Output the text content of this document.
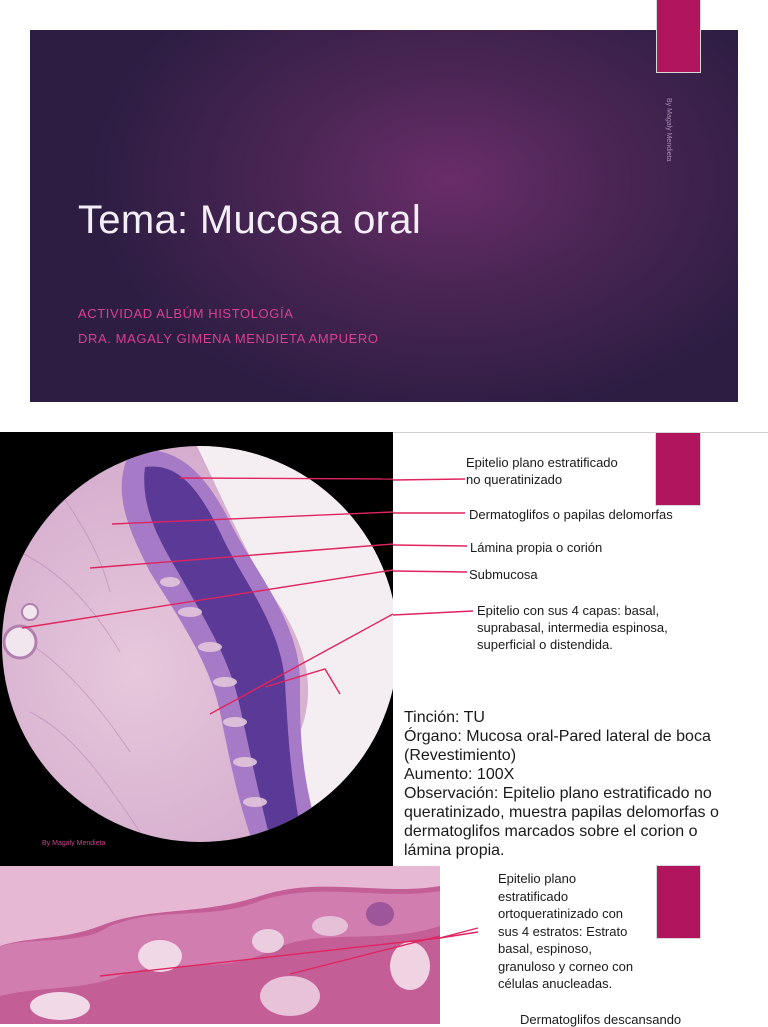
Tema: Mucosa oral
ACTIVIDAD ALBÚM HISTOLOGÍA
DRA. MAGALY GIMENA MENDIETA AMPUERO
By Magaly Mendieta
By Magaly Mendieta
Epitelio plano estratificado
no queratinizado
Dermatoglifos o papilas delomorfas
Lámina propia o corión
Submucosa
Epitelio con sus 4 capas: basal,
suprabasal, intermedia espinosa,
superficial o distendida.
Tinción: TU
Órgano: Mucosa oral-Pared lateral de boca
(Revestimiento)
Aumento: 100X
Observación: Epitelio plano estratificado no
queratinizado, muestra papilas delomorfas o
dermatoglifos marcados sobre el corion o
lámina propia.
Epitelio plano
estratificado
ortoqueratinizado con
sus 4 estratos: Estrato
basal, espinoso,
granuloso y corneo con
células anucleadas.
Dermatoglifos descansando
